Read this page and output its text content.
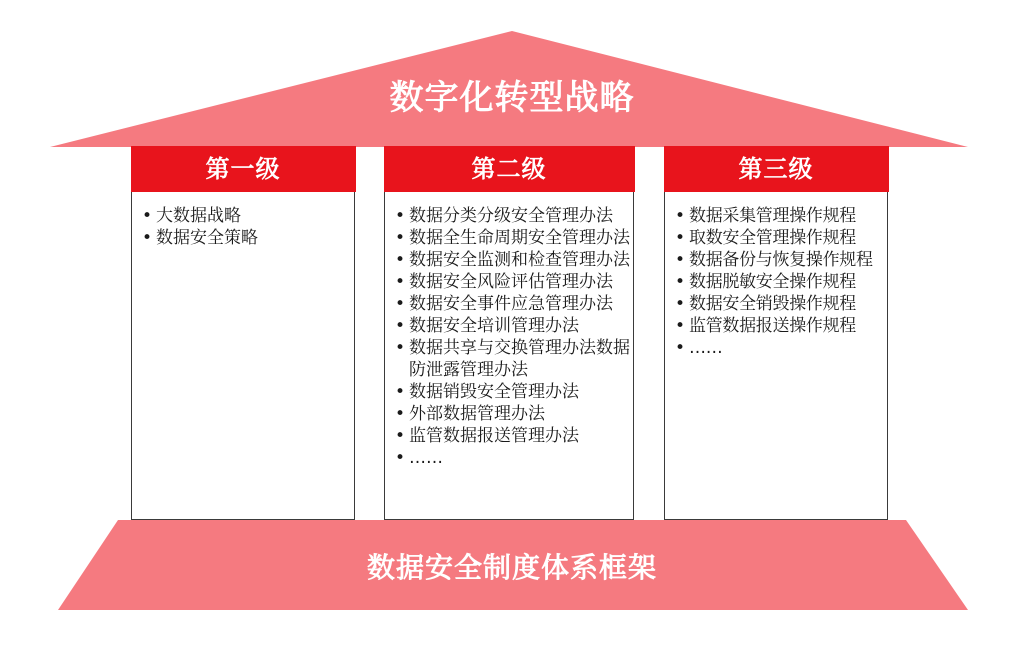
数字化转型战略
第一级
• 大数据战略
• 数据安全策略
第二级
• 数据分类分级安全管理办法
• 数据全生命周期安全管理办法
• 数据安全监测和检查管理办法
• 数据安全风险评估管理办法
• 数据安全事件应急管理办法
• 数据安全培训管理办法
• 数据共享与交换管理办法数据防泄露管理办法
• 数据销毁安全管理办法
• 外部数据管理办法
• 监管数据报送管理办法
• ……
第三级
• 数据采集管理操作规程
• 取数安全管理操作规程
• 数据备份与恢复操作规程
• 数据脱敏安全操作规程
• 数据安全销毁操作规程
• 监管数据报送操作规程
• ……
数据安全制度体系框架
